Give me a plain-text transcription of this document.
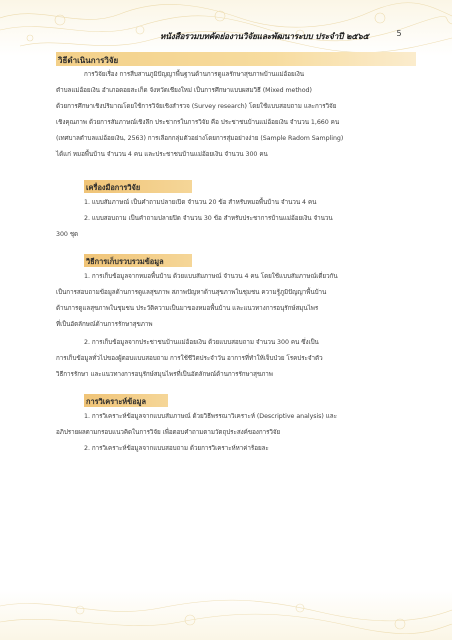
หนังสือรวมบทคัดย่องานวิจัยและพัฒนาระบบ ประจำปี ๒๕๖๕	5
วิธีดำเนินการวิจัย
การวิจัยเรื่อง การสืบสานภูมิปัญญาพื้นฐานด้านการดูแลรักษาสุขภาพบ้านแม่อ้อยเงิน
ตำบลแม่อ้อยเงิน อำเภอดอยสะเก็ด จังหวัดเชียงใหม่ เป็นการศึกษาแบบผสมวิธี (Mixed method)
ด้วยการศึกษาเชิงปริมาณโดยใช้การวิจัยเชิงสำรวจ (Survey research) โดยใช้แบบสอบถาม และการวิจัย
เชิงคุณภาพ ด้วยการสัมภาษณ์เชิงลึก ประชากรในการวิจัย คือ ประชาชนบ้านแม่อ้อยเงิน จำนวน 1,660 คน
(เทศบาลตำบลแม่อ้อยเงิน, 2563) การเลือกกลุ่มตัวอย่างโดยการสุ่มอย่างง่าย (Sample Radom Sampling)
ได้แก่ หมอพื้นบ้าน จำนวน 4 คน และประชาชนบ้านแม่อ้อยเงิน จำนวน 300 คน
เครื่องมือการวิจัย
1. แบบสัมภาษณ์ เป็นคำถามปลายเปิด จำนวน 20 ข้อ สำหรับหมอพื้นบ้าน จำนวน 4 คน
2. แบบสอบถาม เป็นคำถามปลายปิด จำนวน 30 ข้อ สำหรับประชาการบ้านแม่อ้อยเงิน จำนวน
300 ชุด
วิธีการเก็บรวบรวมข้อมูล
1. การเก็บข้อมูลจากหมอพื้นบ้าน ด้วยแบบสัมภาษณ์ จำนวน 4 คน โดยใช้แบบสัมภาษณ์เดี่ยวกัน
เป็นการสอบถามข้อมูลด้านการดูแลสุขภาพ สภาพปัญหาด้านสุขภาพในชุมชน ความรู้ภูมิปัญญาพื้นบ้าน
ด้านการดูแลสุขภาพในชุมชน ประวัติความเป็นมาของหมอพื้นบ้าน และแนวทางการอนุรักษ์สมุนไพร
ที่เป็นอัตลักษณ์ด้านการรักษาสุขภาพ
2. การเก็บข้อมูลจากประชาชนบ้านแม่อ้อยเงิน ด้วยแบบสอบถาม จำนวน 300 คน ซึ่งเป็น
การเก็บข้อมูลทั่วไปของผู้ตอบแบบสอบถาม การใช้ชีวิตประจำวัน อาการที่ทำให้เจ็บป่วย โรคประจำตัว
วิธีการรักษา และแนวทางการอนุรักษ์สมุนไพรที่เป็นอัตลักษณ์ด้านการรักษาสุขภาพ
การวิเคราะห์ข้อมูล
1. การวิเคราะห์ข้อมูลจากแบบสัมภาษณ์ ด้วยวิธีพรรณาวิเคราะห์ (Descriptive analysis) และ
อภิปรายผลตามกรอบแนวคิดในการวิจัย เพื่อตอบคำถามตามวัตถุประสงค์ของการวิจัย
2. การวิเคราะห์ข้อมูลจากแบบสอบถาม ด้วยการวิเคราะห์หาค่าร้อยละ
